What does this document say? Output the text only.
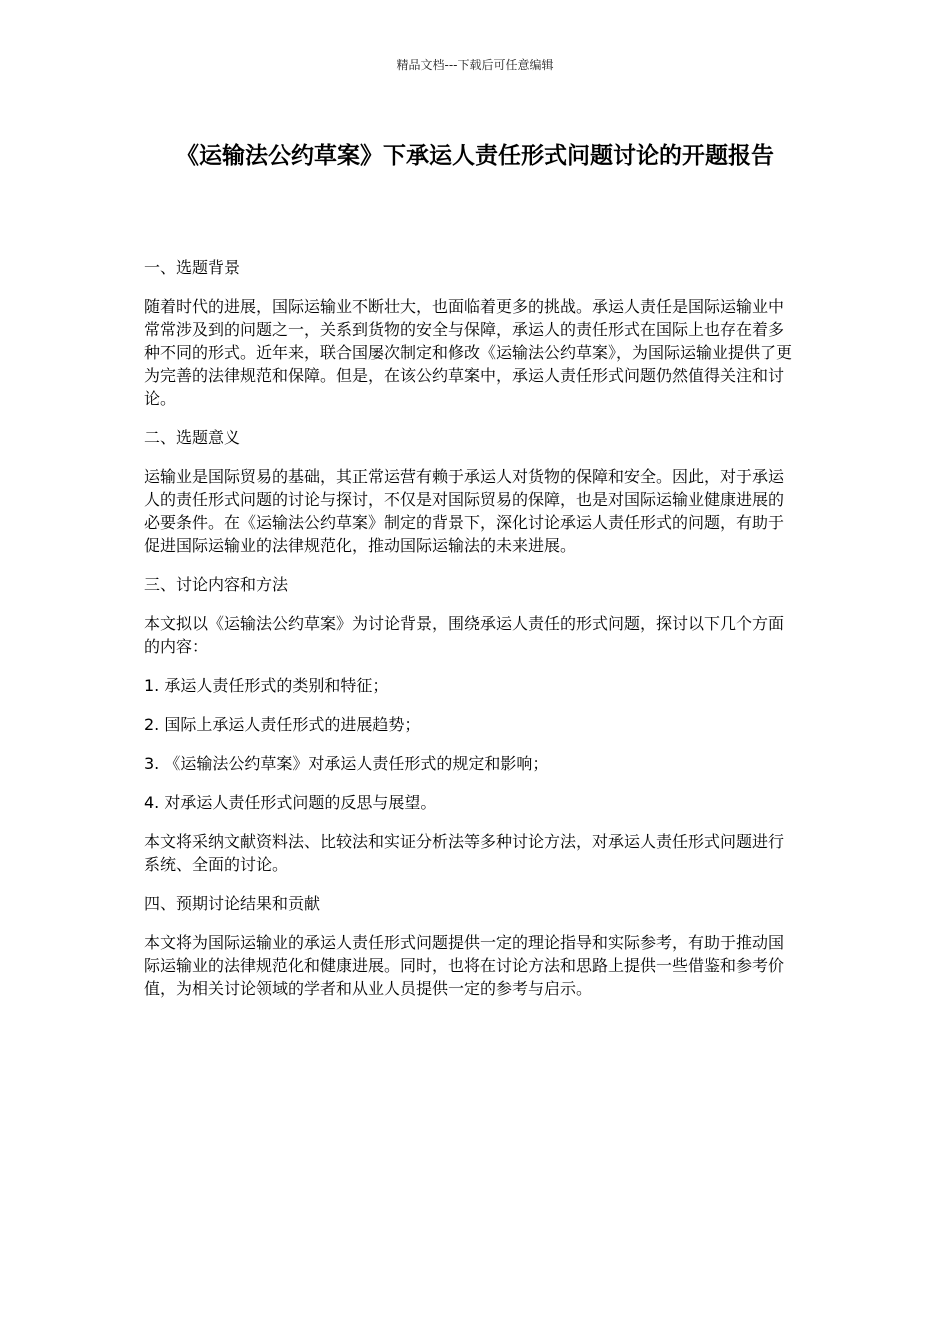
精品文档---下载后可任意编辑
《运输法公约草案》下承运人责任形式问题讨论的开题报告

一、选题背景

随着时代的进展，国际运输业不断壮大，也面临着更多的挑战。承运人责任是国际运输业中常常涉及到的问题之一，关系到货物的安全与保障，承运人的责任形式在国际上也存在着多种不同的形式。近年来，联合国屡次制定和修改《运输法公约草案》，为国际运输业提供了更为完善的法律规范和保障。但是，在该公约草案中，承运人责任形式问题仍然值得关注和讨论。

二、选题意义

运输业是国际贸易的基础，其正常运营有赖于承运人对货物的保障和安全。因此，对于承运人的责任形式问题的讨论与探讨，不仅是对国际贸易的保障，也是对国际运输业健康进展的必要条件。在《运输法公约草案》制定的背景下，深化讨论承运人责任形式的问题，有助于促进国际运输业的法律规范化，推动国际运输法的未来进展。

三、讨论内容和方法

本文拟以《运输法公约草案》为讨论背景，围绕承运人责任的形式问题，探讨以下几个方面的内容：

1. 承运人责任形式的类别和特征；

2. 国际上承运人责任形式的进展趋势；

3. 《运输法公约草案》对承运人责任形式的规定和影响；

4. 对承运人责任形式问题的反思与展望。

本文将采纳文献资料法、比较法和实证分析法等多种讨论方法，对承运人责任形式问题进行系统、全面的讨论。

四、预期讨论结果和贡献

本文将为国际运输业的承运人责任形式问题提供一定的理论指导和实际参考，有助于推动国际运输业的法律规范化和健康进展。同时，也将在讨论方法和思路上提供一些借鉴和参考价值，为相关讨论领域的学者和从业人员提供一定的参考与启示。
